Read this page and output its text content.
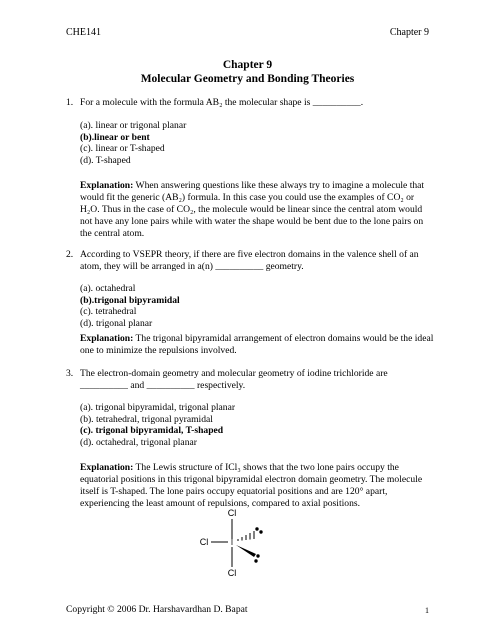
CHE141	Chapter 9
Chapter 9
Molecular Geometry and Bonding Theories
1. For a molecule with the formula AB₂ the molecular shape is __________.
(a). linear or trigonal planar
(b).linear or bent
(c). linear or T-shaped
(d). T-shaped
Explanation: When answering questions like these always try to imagine a molecule that would fit the generic (AB₂) formula. In this case you could use the examples of CO₂ or H₂O. Thus in the case of CO₂, the molecule would be linear since the central atom would not have any lone pairs while with water the shape would be bent due to the lone pairs on the central atom.
2. According to VSEPR theory, if there are five electron domains in the valence shell of an atom, they will be arranged in a(n) __________ geometry.
(a). octahedral
(b).trigonal bipyramidal
(c). tetrahedral
(d). trigonal planar
Explanation: The trigonal bipyramidal arrangement of electron domains would be the ideal one to minimize the repulsions involved.
3. The electron-domain geometry and molecular geometry of iodine trichloride are __________ and __________ respectively.
(a). trigonal bipyramidal, trigonal planar
(b). tetrahedral, trigonal pyramidal
(c). trigonal bipyramidal, T-shaped
(d). octahedral, trigonal planar
Explanation: The Lewis structure of ICl₃ shows that the two lone pairs occupy the equatorial positions in this trigonal bipyramidal electron domain geometry. The molecule itself is T-shaped. The lone pairs occupy equatorial positions and are 120° apart, experiencing the least amount of repulsions, compared to axial positions.
Cl
Cl	I
Cl
Copyright © 2006 Dr. Harshavardhan D. Bapat	1
